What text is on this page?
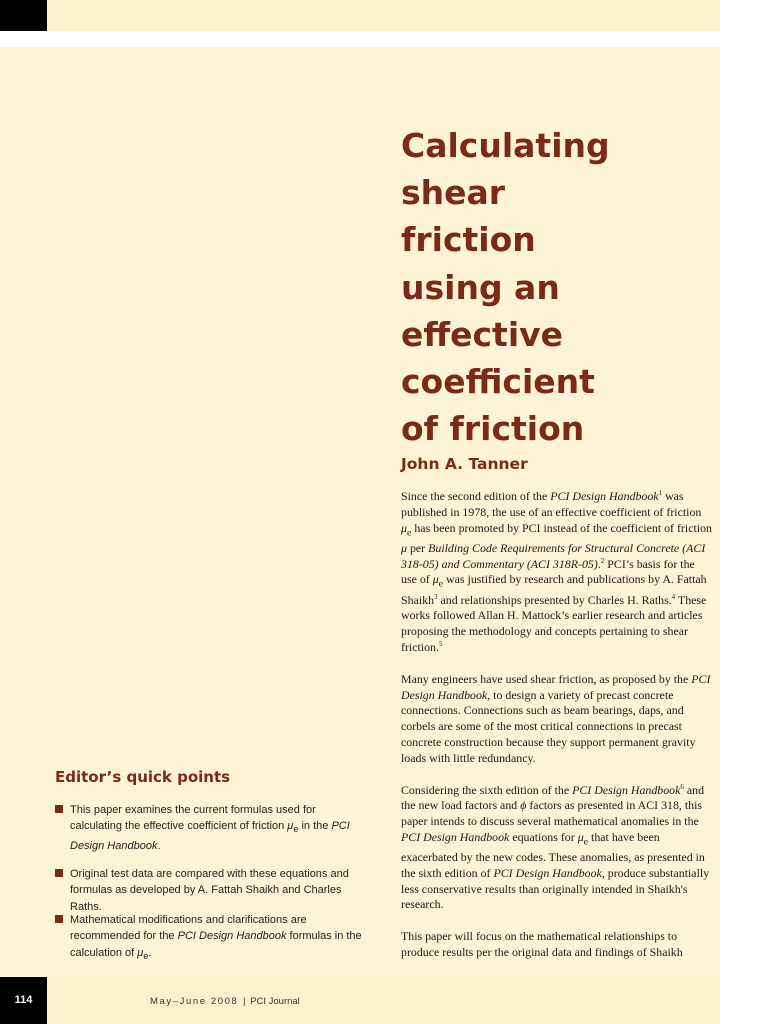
Calculating
shear
friction
using an
effective
coefficient
of friction
John A. Tanner

Since the second edition of the PCI Design Handbook$^1$ was published in 1978, the use of an effective coefficient of friction $\mu_e$ has been promoted by PCI instead of the coefficient of friction μ per Building Code Requirements for Structural Concrete (ACI 318-05) and Commentary (ACI 318R-05).$^2$ PCI’s basis for the use of $\mu_e$ was justified by research and publications by A. Fattah Shaikh$^3$ and relationships presented by Charles H. Raths.$^4$ These works followed Allan H. Mattock’s earlier research and articles proposing the methodology and concepts pertaining to shear friction.$^5$

Many engineers have used shear friction, as proposed by the PCI Design Handbook, to design a variety of precast concrete connections. Connections such as beam bearings, daps, and corbels are some of the most critical connections in precast concrete construction because they support permanent gravity loads with little redundancy.

Considering the sixth edition of the PCI Design Handbook$^6$ and the new load factors and ϕ factors as presented in ACI 318, this paper intends to discuss several mathematical anomalies in the PCI Design Handbook equations for $\mu_e$ that have been exacerbated by the new codes. These anomalies, as presented in the sixth edition of PCI Design Handbook, produce substantially less conservative results than originally intended in Shaikh's research.

This paper will focus on the mathematical relationships to produce results per the original data and findings of Shaikh

Editor’s quick points
This paper examines the current formulas used for calculating the effective coefficient of friction $\mu_e$ in the PCI Design Handbook.
Original test data are compared with these equations and formulas as developed by A. Fattah Shaikh and Charles Raths.
Mathematical modifications and clarifications are recommended for the PCI Design Handbook formulas in the calculation of $\mu_e$.
114	May–June 2008 | PCI Journal
